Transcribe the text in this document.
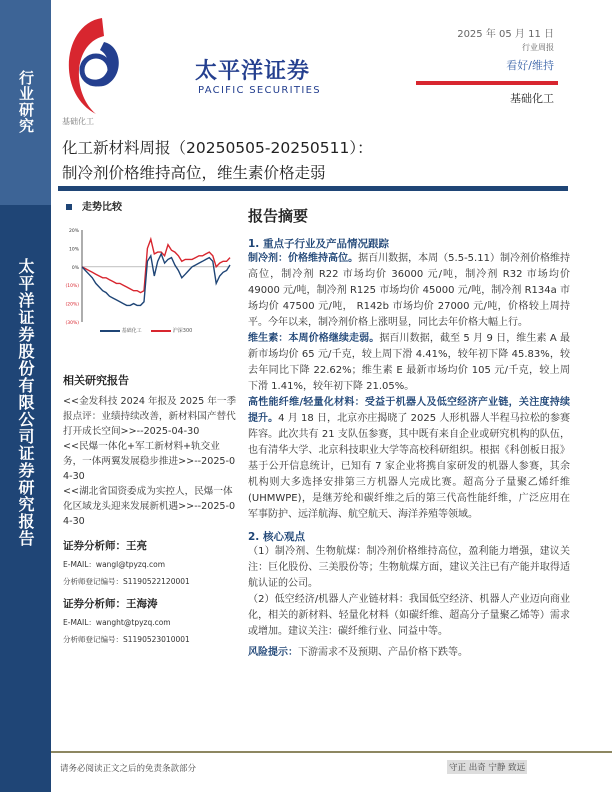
行业研究
太平洋证券股份有限公司证券研究报告
太平洋证券
PACIFIC SECURITIES
2025 年 05 月 11 日
行业周报
看好/维持
基础化工
基础化工
化工新材料周报（20250505-20250511）：
制冷剂价格维持高位，维生素价格走弱
走势比较
20%
10%
0%
(10%)
(20%)
(30%)
基础化工	沪深300
相关研究报告
<<金发科技 2024 年报及 2025 年一季报点评：业绩持续改善，新材料国产替代打开成长空间>>--2025-04-30
<<民爆一体化+军工新材料+轨交业务，一体两翼发展稳步推进>>--2025-04-30
<<湖北省国资委成为实控人，民爆一体化区域龙头迎来发展新机遇>>--2025-04-30
证券分析师：王亮
E-MAIL：wangl@tpyzq.com
分析师登记编号：S1190522120001
证券分析师：王海涛
E-MAIL：wanght@tpyzq.com
分析师登记编号：S1190523010001
报告摘要
1. 重点子行业及产品情况跟踪
制冷剂：价格维持高位。据百川数据，本周（5.5-5.11）制冷剂价格维持高位，制冷剂 R22 市场均价 36000 元/吨，制冷剂 R32 市场均价 49000 元/吨，制冷剂 R125 市场均价 45000 元/吨，制冷剂 R134a 市场均价 47500 元/吨， R142b 市场均价 27000 元/吨，价格较上周持平。今年以来，制冷剂价格上涨明显，同比去年价格大幅上行。
维生素：本周价格继续走弱。据百川数据，截至 5 月 9 日，维生素 A 最新市场均价 65 元/千克，较上周下滑 4.41%，较年初下降 45.83%，较去年同比下降 22.62%；维生素 E 最新市场均价 105 元/千克，较上周下滑 1.41%，较年初下降 21.05%。
高性能纤维/轻量化材料：受益于机器人及低空经济产业链，关注度持续提升。4 月 18 日，北京亦庄揭晓了 2025 人形机器人半程马拉松的参赛阵容。此次共有 21 支队伍参赛，其中既有来自企业或研究机构的队伍，也有清华大学、北京科技职业大学等高校科研组织。根据《科创板日报》基于公开信息统计，已知有 7 家企业将携自家研发的机器人参赛，其余机构则大多选择安排第三方机器人完成比赛。超高分子量聚乙烯纤维(UHMWPE)，是继芳纶和碳纤维之后的第三代高性能纤维，广泛应用在军事防护、远洋航海、航空航天、海洋养殖等领域。
2. 核心观点
（1）制冷剂、生物航煤：制冷剂价格维持高位，盈利能力增强，建议关注：巨化股份、三美股份等；生物航煤方面，建议关注已有产能并取得适航认证的公司。
（2）低空经济/机器人产业链材料：我国低空经济、机器人产业迈向商业化，相关的新材料、轻量化材料（如碳纤维、超高分子量聚乙烯等）需求或增加。建议关注：碳纤维行业、同益中等。
风险提示：下游需求不及预期、产品价格下跌等。
请务必阅读正文之后的免责条款部分	守正 出奇 宁静 致远
